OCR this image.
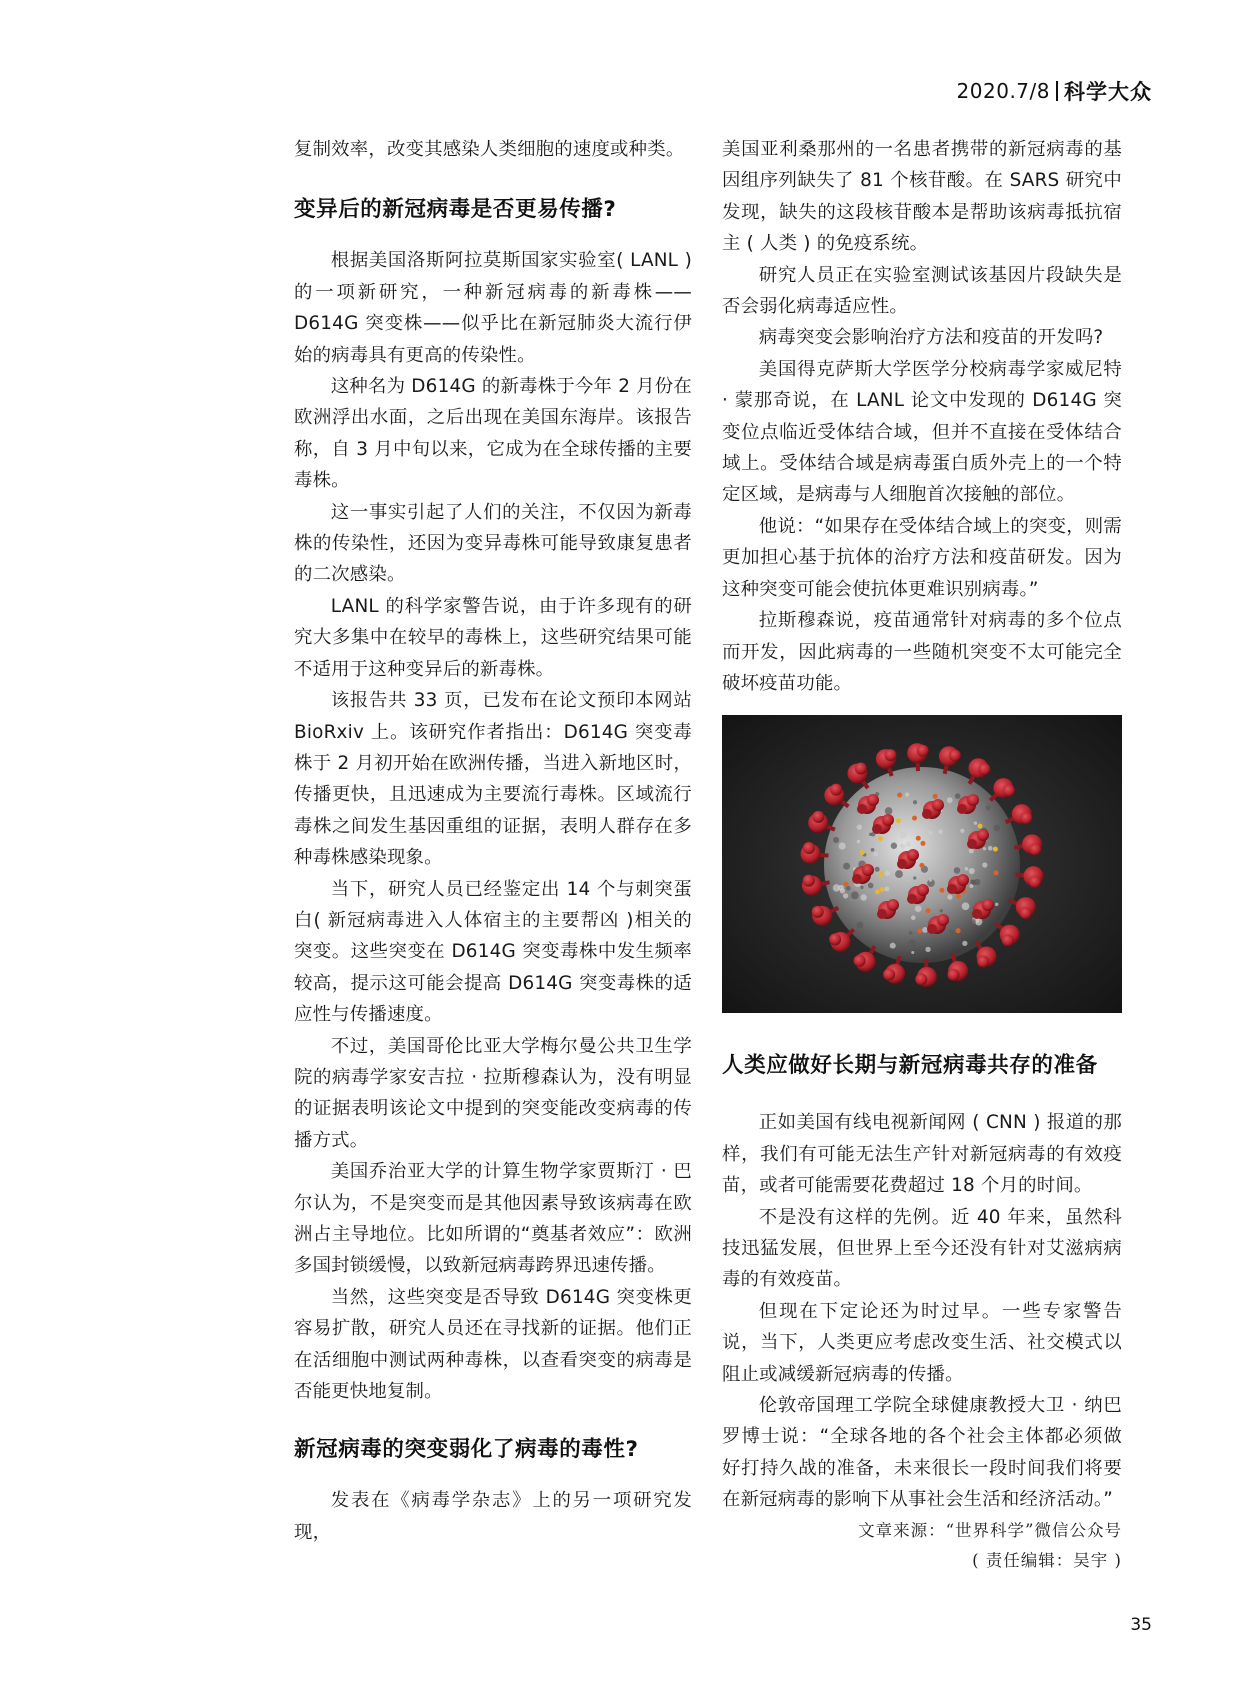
2020.7/8 科学大众

复制效率，改变其感染人类细胞的速度或种类。

变异后的新冠病毒是否更易传播?

根据美国洛斯阿拉莫斯国家实验室( LANL )的一项新研究，一种新冠病毒的新毒株——D614G 突变株——似乎比在新冠肺炎大流行伊始的病毒具有更高的传染性。

这种名为 D614G 的新毒株于今年 2 月份在欧洲浮出水面，之后出现在美国东海岸。该报告称，自 3 月中旬以来，它成为在全球传播的主要毒株。

这一事实引起了人们的关注，不仅因为新毒株的传染性，还因为变异毒株可能导致康复患者的二次感染。

LANL 的科学家警告说，由于许多现有的研究大多集中在较早的毒株上，这些研究结果可能不适用于这种变异后的新毒株。

该报告共 33 页，已发布在论文预印本网站 BioRxiv 上。该研究作者指出：D614G 突变毒株于 2 月初开始在欧洲传播，当进入新地区时，传播更快，且迅速成为主要流行毒株。区域流行毒株之间发生基因重组的证据，表明人群存在多种毒株感染现象。

当下，研究人员已经鉴定出 14 个与刺突蛋白( 新冠病毒进入人体宿主的主要帮凶 )相关的突变。这些突变在 D614G 突变毒株中发生频率较高，提示这可能会提高 D614G 突变毒株的适应性与传播速度。

不过，美国哥伦比亚大学梅尔曼公共卫生学院的病毒学家安吉拉 · 拉斯穆森认为，没有明显的证据表明该论文中提到的突变能改变病毒的传播方式。

美国乔治亚大学的计算生物学家贾斯汀 · 巴尔认为，不是突变而是其他因素导致该病毒在欧洲占主导地位。比如所谓的“奠基者效应”：欧洲多国封锁缓慢，以致新冠病毒跨界迅速传播。

当然，这些突变是否导致 D614G 突变株更容易扩散，研究人员还在寻找新的证据。他们正在活细胞中测试两种毒株，以查看突变的病毒是否能更快地复制。

新冠病毒的突变弱化了病毒的毒性?

发表在《病毒学杂志》上的另一项研究发现，

美国亚利桑那州的一名患者携带的新冠病毒的基因组序列缺失了 81 个核苷酸。在 SARS 研究中发现，缺失的这段核苷酸本是帮助该病毒抵抗宿主 ( 人类 ) 的免疫系统。

研究人员正在实验室测试该基因片段缺失是否会弱化病毒适应性。

病毒突变会影响治疗方法和疫苗的开发吗?

美国得克萨斯大学医学分校病毒学家威尼特 · 蒙那奇说，在 LANL 论文中发现的 D614G 突变位点临近受体结合域，但并不直接在受体结合域上。受体结合域是病毒蛋白质外壳上的一个特定区域，是病毒与人细胞首次接触的部位。

他说：“如果存在受体结合域上的突变，则需更加担心基于抗体的治疗方法和疫苗研发。因为这种突变可能会使抗体更难识别病毒。”

拉斯穆森说，疫苗通常针对病毒的多个位点而开发，因此病毒的一些随机突变不太可能完全破坏疫苗功能。

人类应做好长期与新冠病毒共存的准备

正如美国有线电视新闻网 ( CNN ) 报道的那样，我们有可能无法生产针对新冠病毒的有效疫苗，或者可能需要花费超过 18 个月的时间。

不是没有这样的先例。近 40 年来，虽然科技迅猛发展，但世界上至今还没有针对艾滋病病毒的有效疫苗。

但现在下定论还为时过早。一些专家警告说，当下，人类更应考虑改变生活、社交模式以阻止或减缓新冠病毒的传播。

伦敦帝国理工学院全球健康教授大卫 · 纳巴罗博士说：“全球各地的各个社会主体都必须做好打持久战的准备，未来很长一段时间我们将要在新冠病毒的影响下从事社会生活和经济活动。”

文章来源：“世界科学”微信公众号
( 责任编辑：吴宇 )
35
